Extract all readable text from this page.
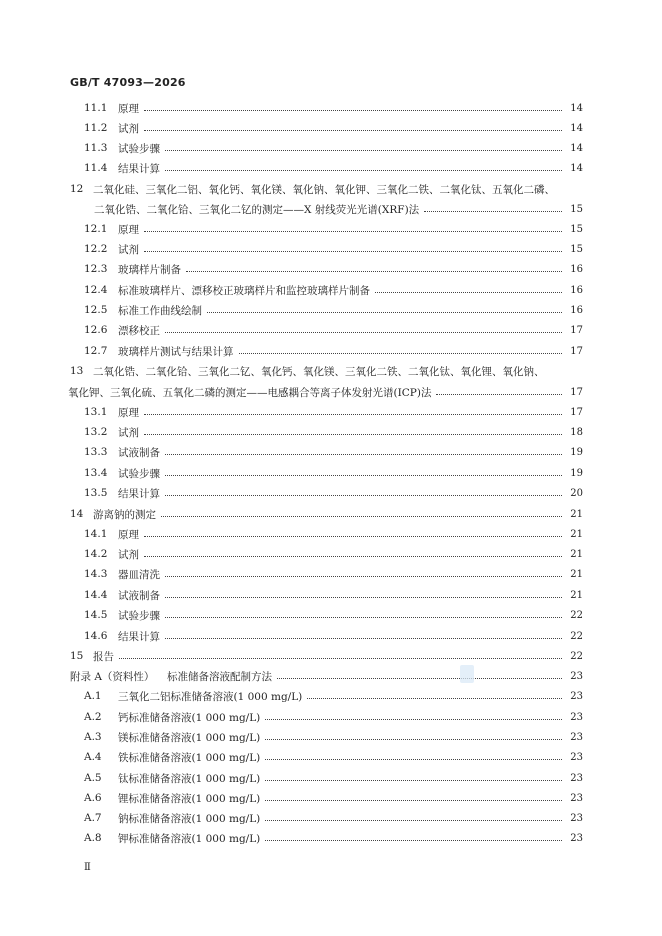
GB/T 47093—2026
11.1	原理	14
11.2	试剂	14
11.3	试验步骤	14
11.4	结果计算	14
12 二氧化硅、三氧化二铝、氧化钙、氧化镁、氧化钠、氧化钾、三氧化二铁、二氧化钛、五氧化二磷、
二氧化锆、二氧化铪、三氧化二钇的测定——X 射线荧光光谱(XRF)法	15
12.1	原理	15
12.2	试剂	15
12.3	玻璃样片制备	16
12.4	标准玻璃样片、漂移校正玻璃样片和监控玻璃样片制备	16
12.5	标准工作曲线绘制	16
12.6	漂移校正	17
12.7	玻璃样片测试与结果计算	17
13 二氧化锆、二氧化铪、三氧化二钇、氧化钙、氧化镁、三氧化二铁、二氧化钛、氧化锂、氧化钠、
氧化钾、三氧化硫、五氧化二磷的测定——电感耦合等离子体发射光谱(ICP)法	17
13.1	原理	17
13.2	试剂	18
13.3	试液制备	19
13.4	试验步骤	19
13.5	结果计算	20
14 游离钠的测定	21
14.1	原理	21
14.2	试剂	21
14.3	器皿清洗	21
14.4	试液制备	21
14.5	试验步骤	22
14.6	结果计算	22
15 报告	22
附录 A（资料性）	标准储备溶液配制方法	23
A.1	三氧化二铝标准储备溶液(1 000 mg/L)	23
A.2	钙标准储备溶液(1 000 mg/L)	23
A.3	镁标准储备溶液(1 000 mg/L)	23
A.4	铁标准储备溶液(1 000 mg/L)	23
A.5	钛标准储备溶液(1 000 mg/L)	23
A.6	锂标准储备溶液(1 000 mg/L)	23
A.7	钠标准储备溶液(1 000 mg/L)	23
A.8	钾标准储备溶液(1 000 mg/L)	23
Ⅱ
